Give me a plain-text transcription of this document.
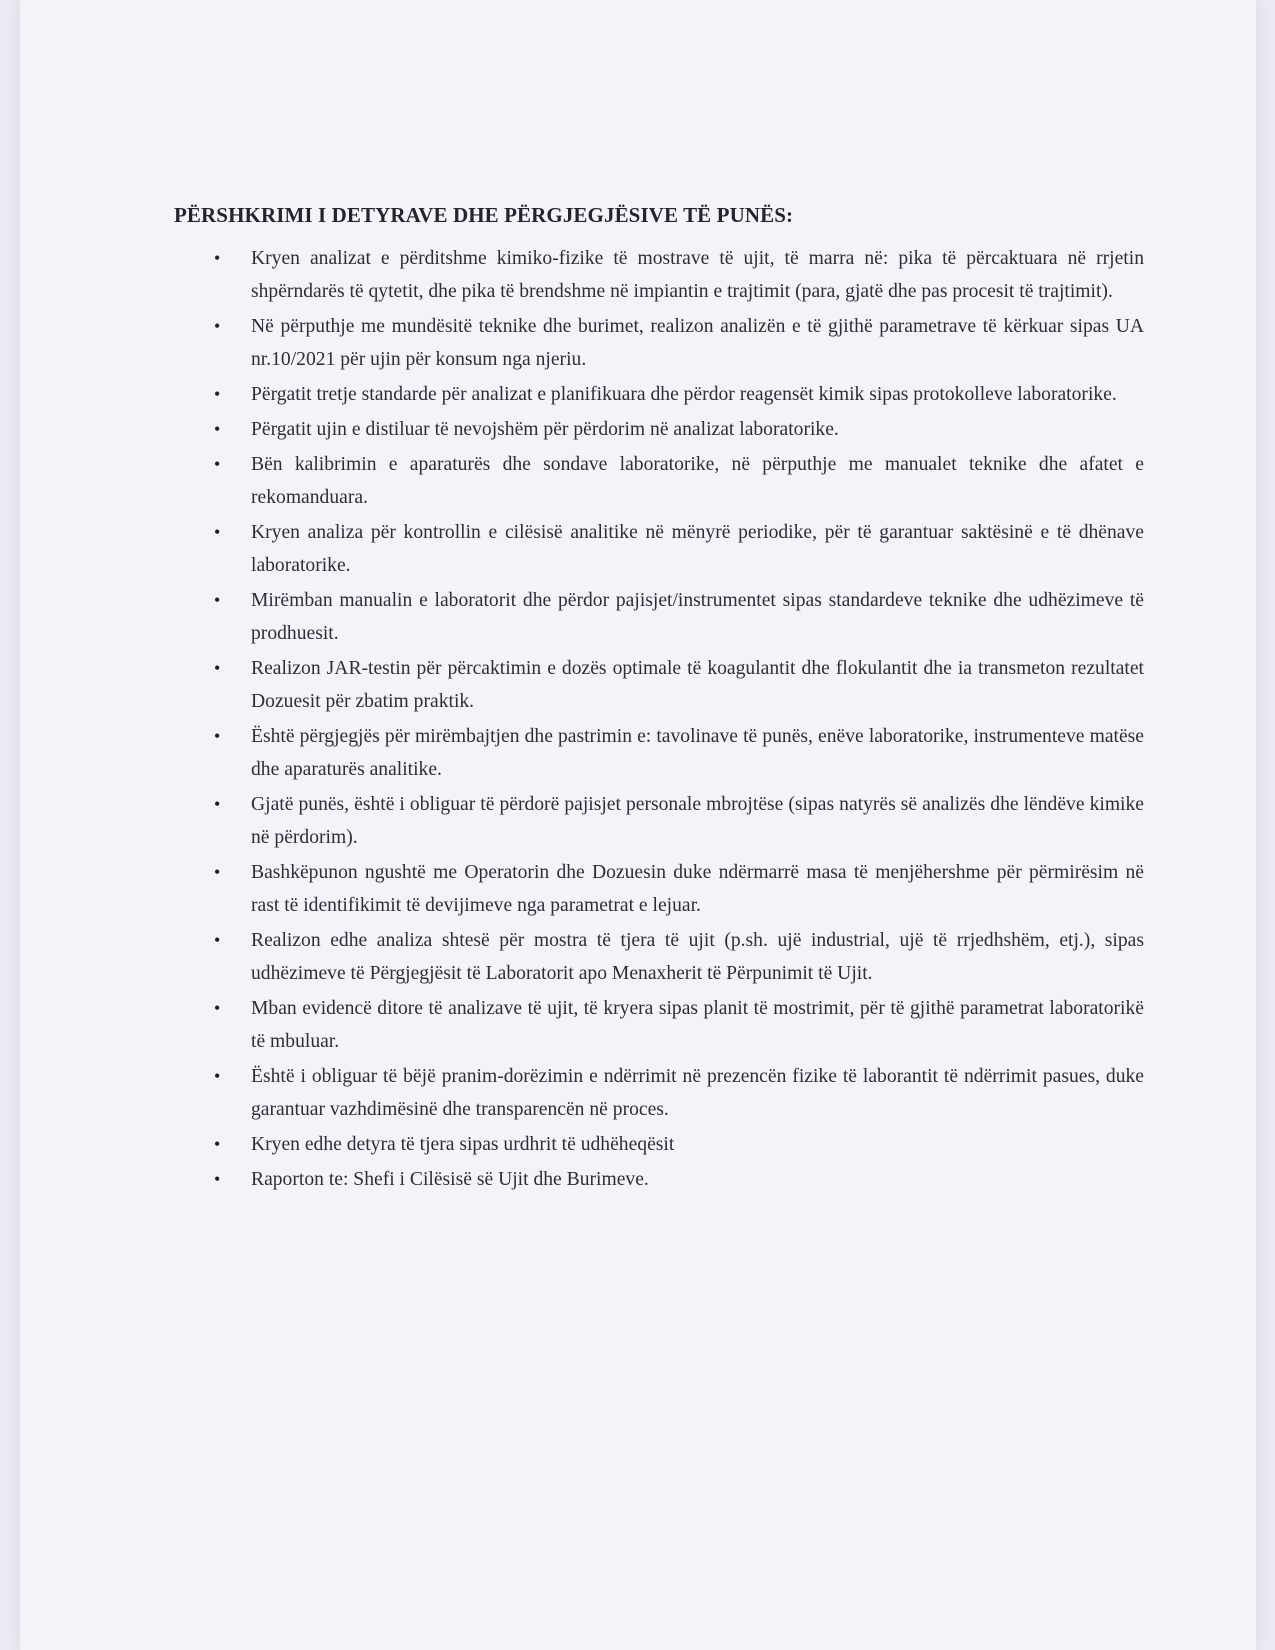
PËRSHKRIMI I DETYRAVE DHE PËRGJEGJËSIVE TË PUNËS:
• Kryen analizat e përditshme kimiko-fizike të mostrave të ujit, të marra në: pika të përcaktuara në rrjetin shpërndarës të qytetit, dhe pika të brendshme në impiantin e trajtimit (para, gjatë dhe pas procesit të trajtimit).
• Në përputhje me mundësitë teknike dhe burimet, realizon analizën e të gjithë parametrave të kërkuar sipas UA nr.10/2021 për ujin për konsum nga njeriu.
• Përgatit tretje standarde për analizat e planifikuara dhe përdor reagensët kimik sipas protokolleve laboratorike.
• Përgatit ujin e distiluar të nevojshëm për përdorim në analizat laboratorike.
• Bën kalibrimin e aparaturës dhe sondave laboratorike, në përputhje me manualet teknike dhe afatet e rekomanduara.
• Kryen analiza për kontrollin e cilësisë analitike në mënyrë periodike, për të garantuar saktësinë e të dhënave laboratorike.
• Mirëmban manualin e laboratorit dhe përdor pajisjet/instrumentet sipas standardeve teknike dhe udhëzimeve të prodhuesit.
• Realizon JAR-testin për përcaktimin e dozës optimale të koagulantit dhe flokulantit dhe ia transmeton rezultatet Dozuesit për zbatim praktik.
• Është përgjegjës për mirëmbajtjen dhe pastrimin e: tavolinave të punës, enëve laboratorike, instrumenteve matëse dhe aparaturës analitike.
• Gjatë punës, është i obliguar të përdorë pajisjet personale mbrojtëse (sipas natyrës së analizës dhe lëndëve kimike në përdorim).
• Bashkëpunon ngushtë me Operatorin dhe Dozuesin duke ndërmarrë masa të menjëhershme për përmirësim në rast të identifikimit të devijimeve nga parametrat e lejuar.
• Realizon edhe analiza shtesë për mostra të tjera të ujit (p.sh. ujë industrial, ujë të rrjedhshëm, etj.), sipas udhëzimeve të Përgjegjësit të Laboratorit apo Menaxherit të Përpunimit të Ujit.
• Mban evidencë ditore të analizave të ujit, të kryera sipas planit të mostrimit, për të gjithë parametrat laboratorikë të mbuluar.
• Është i obliguar të bëjë pranim-dorëzimin e ndërrimit në prezencën fizike të laborantit të ndërrimit pasues, duke garantuar vazhdimësinë dhe transparencën në proces.
• Kryen edhe detyra të tjera sipas urdhrit të udhëheqësit
• Raporton te: Shefi i Cilësisë së Ujit dhe Burimeve.
